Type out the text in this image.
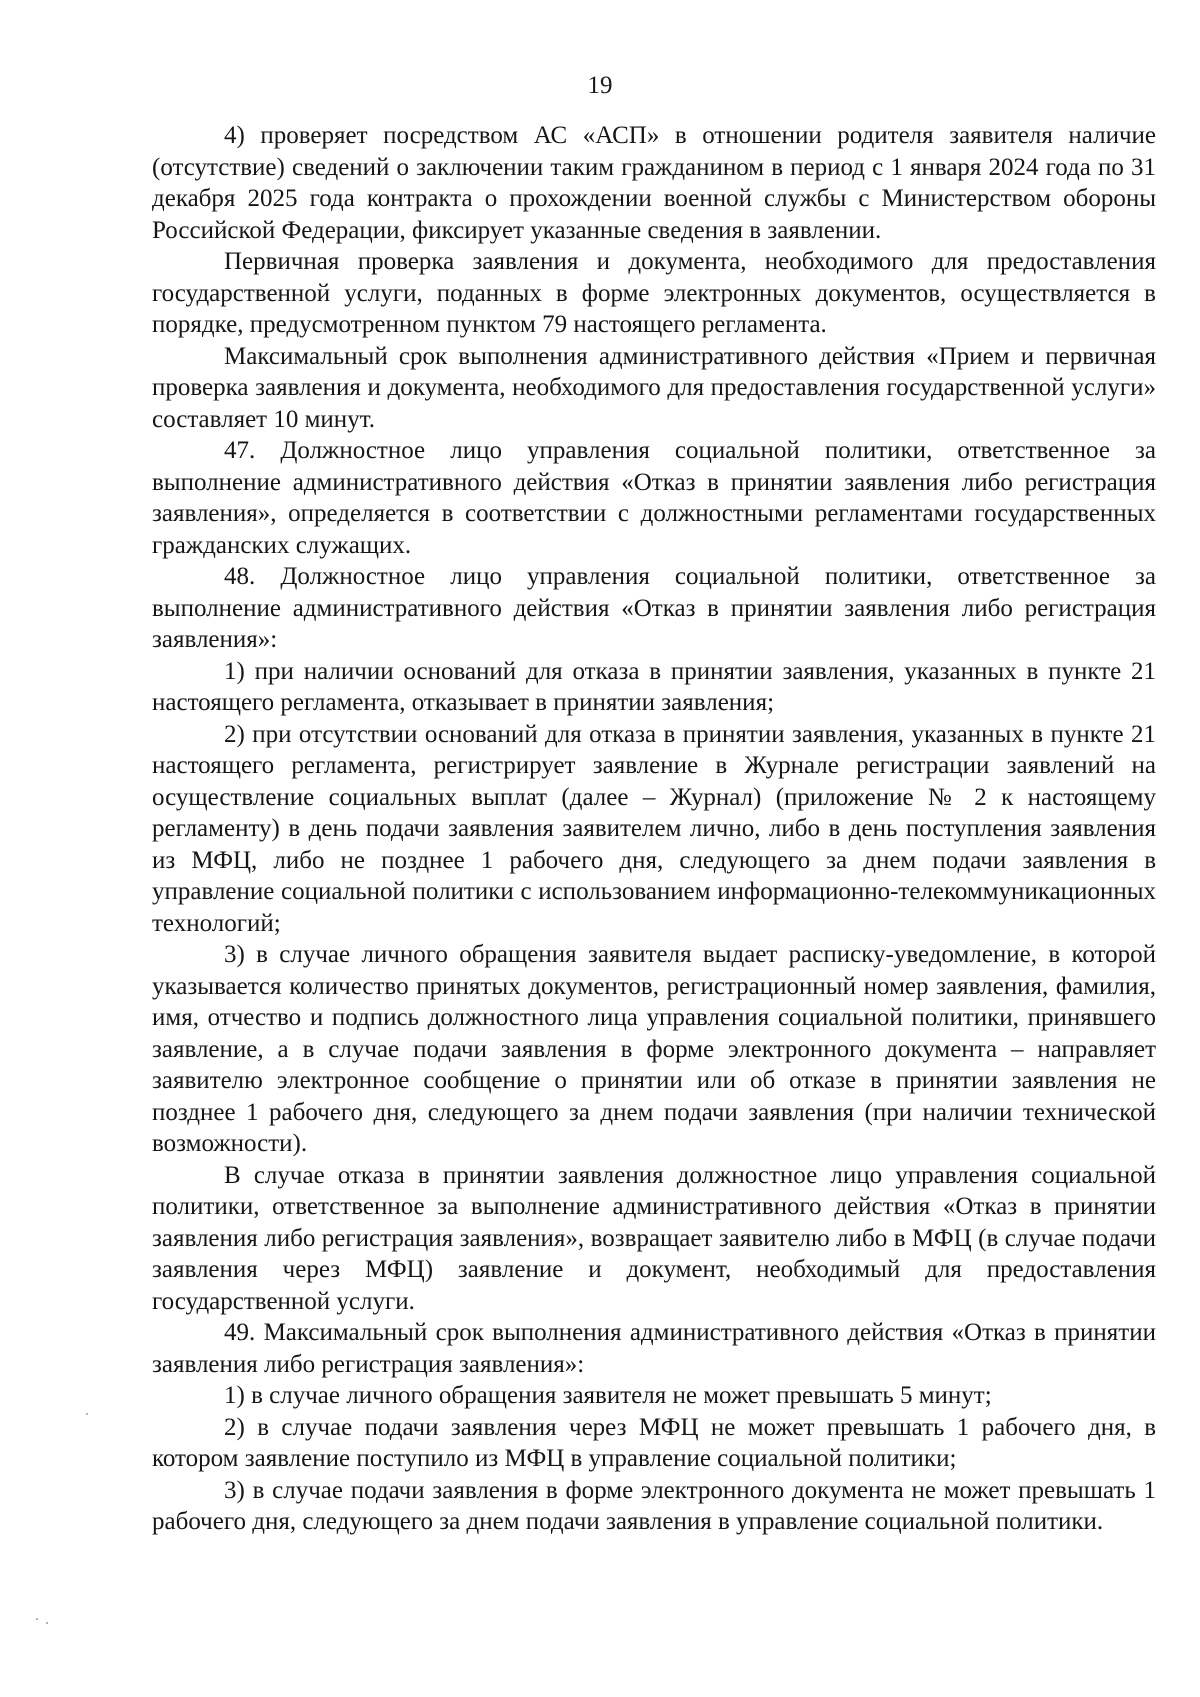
19

4) проверяет посредством АС «АСП» в отношении родителя заявителя наличие (отсутствие) сведений о заключении таким гражданином в период с 1 января 2024 года по 31 декабря 2025 года контракта о прохождении военной службы с Министерством обороны Российской Федерации, фиксирует указанные сведения в заявлении.

Первичная проверка заявления и документа, необходимого для предоставления государственной услуги, поданных в форме электронных документов, осуществляется в порядке, предусмотренном пунктом 79 настоящего регламента.

Максимальный срок выполнения административного действия «Прием и первичная проверка заявления и документа, необходимого для предоставления государственной услуги» составляет 10 минут.

47. Должностное лицо управления социальной политики, ответственное за выполнение административного действия «Отказ в принятии заявления либо регистрация заявления», определяется в соответствии с должностными регламентами государственных гражданских служащих.

48. Должностное лицо управления социальной политики, ответственное за выполнение административного действия «Отказ в принятии заявления либо регистрация заявления»:

1) при наличии оснований для отказа в принятии заявления, указанных в пункте 21 настоящего регламента, отказывает в принятии заявления;

2) при отсутствии оснований для отказа в принятии заявления, указанных в пункте 21 настоящего регламента, регистрирует заявление в Журнале регистрации заявлений на осуществление социальных выплат (далее – Журнал) (приложение № 2 к настоящему регламенту) в день подачи заявления заявителем лично, либо в день поступления заявления из МФЦ, либо не позднее 1 рабочего дня, следующего за днем подачи заявления в управление социальной политики с использованием информационно-телекоммуникационных технологий;

3) в случае личного обращения заявителя выдает расписку-уведомление, в которой указывается количество принятых документов, регистрационный номер заявления, фамилия, имя, отчество и подпись должностного лица управления социальной политики, принявшего заявление, а в случае подачи заявления в форме электронного документа – направляет заявителю электронное сообщение о принятии или об отказе в принятии заявления не позднее 1 рабочего дня, следующего за днем подачи заявления (при наличии технической возможности).

В случае отказа в принятии заявления должностное лицо управления социальной политики, ответственное за выполнение административного действия «Отказ в принятии заявления либо регистрация заявления», возвращает заявителю либо в МФЦ (в случае подачи заявления через МФЦ) заявление и документ, необходимый для предоставления государственной услуги.

49. Максимальный срок выполнения административного действия «Отказ в принятии заявления либо регистрация заявления»:

1) в случае личного обращения заявителя не может превышать 5 минут;

2) в случае подачи заявления через МФЦ не может превышать 1 рабочего дня, в котором заявление поступило из МФЦ в управление социальной политики;

3) в случае подачи заявления в форме электронного документа не может превышать 1 рабочего дня, следующего за днем подачи заявления в управление социальной политики.
